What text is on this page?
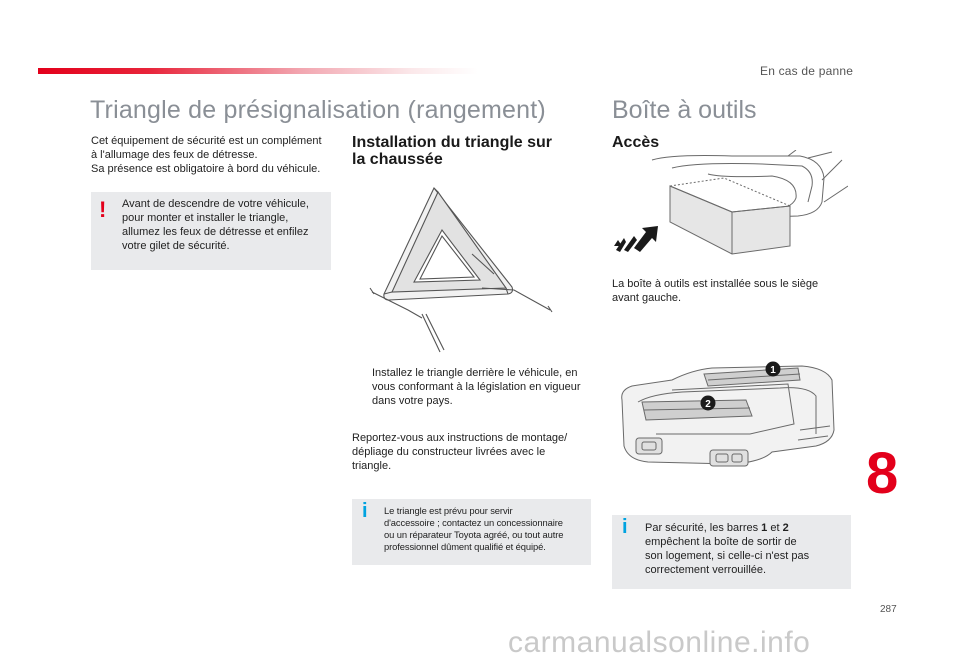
En cas de panne
Triangle de présignalisation (rangement)
Cet équipement de sécurité est un complément
à l'allumage des feux de détresse.
Sa présence est obligatoire à bord du véhicule.
! Avant de descendre de votre véhicule,
pour monter et installer le triangle,
allumez les feux de détresse et enfilez
votre gilet de sécurité.
Installation du triangle sur
la chaussée
Installez le triangle derrière le véhicule, en
vous conformant à la législation en vigueur
dans votre pays.
Reportez-vous aux instructions de montage/
dépliage du constructeur livrées avec le
triangle.
i Le triangle est prévu pour servir
d'accessoire ; contactez un concessionnaire
ou un réparateur Toyota agréé, ou tout autre
professionnel dûment qualifié et équipé.
Boîte à outils
Accès
La boîte à outils est installée sous le siège
avant gauche.
1
2
i Par sécurité, les barres 1 et 2
empêchent la boîte de sortir de
son logement, si celle-ci n'est pas
correctement verrouillée.
8
287
carmanualsonline.info
